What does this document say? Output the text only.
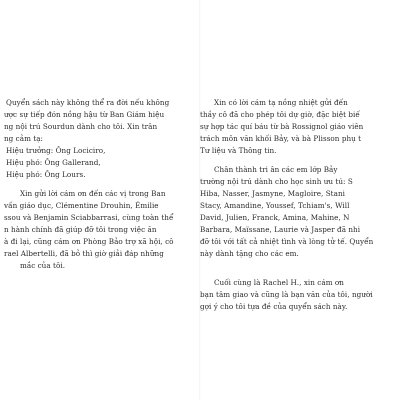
Quyển sách này không thể ra đời nếu không
ược sự tiếp đón nồng hậu từ Ban Giám hiệu
ng nội trú Sourdun dành cho tôi. Xin trân
ng cảm tạ:
Hiệu trưởng: Ông Lociciro,
Hiệu phó: Ông Gallerand,
Hiệu phó: Ông Lours.
Xin gửi lời cám ơn đến các vị trong Ban
vấn giáo dục, Clémentine Drouhin, Émilie
ssou và Benjamin Sciabbarrasi, cùng toàn thể
n hành chính đã giúp đỡ tôi trong việc ăn
à đi lại, cũng cám ơn Phòng Bảo trợ xã hội, cô
rael Albertelli, đã bỏ thì giờ giải đáp những
mắc của tôi.
Xin có lời cám tạ nồng nhiệt gửi đến
thầy cô đã cho phép tôi dự giờ, đặc biệt biế
sự hợp tác quí báu từ bà Rossignol giáo viên
trách môn văn khối Bảy, và bà Plisson phụ t
Tư liệu và Thông tin.
Chân thành tri ân các em lớp Bảy
trường nội trú dành cho học sinh ưu tú: S
Hiba, Nasser, Jasmyne, Magloire, Stani
Stacy, Amandine, Youssef, Tchiam's, Will
David, Julien, Franck, Amina, Mahine, N
Barbara, Maïssane, Laurie và Jasper đã nhi
đỡ tôi với tất cả nhiệt tình và lòng tử tế. Quyển
này dành tặng cho các em.
Cuối cùng là Rachel H., xin cám ơn
bạn tâm giao và cũng là bạn văn của tôi, người
gợi ý cho tôi tựa đề của quyển sách này.
